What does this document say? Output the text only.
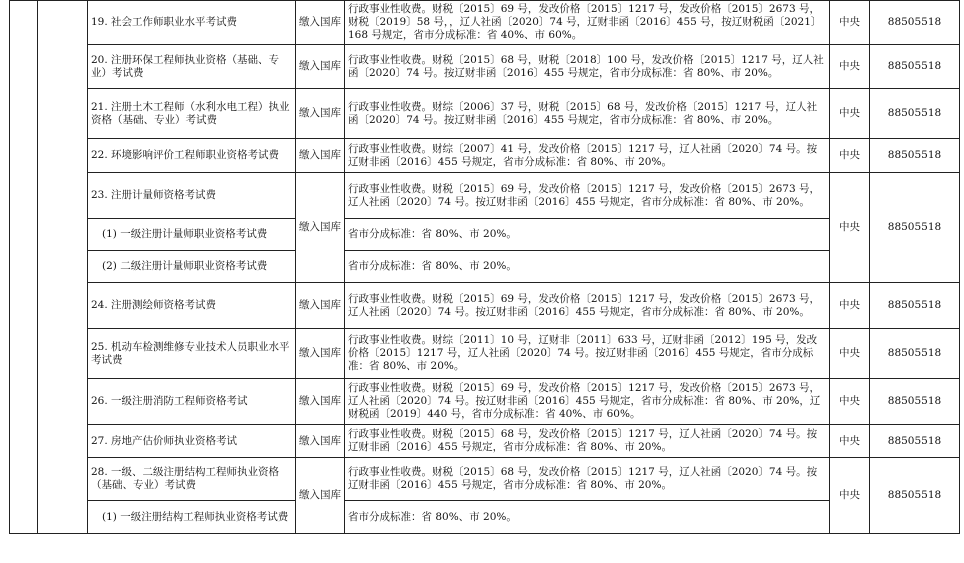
		19. 社会工作师职业水平考试费	缴入国库	行政事业性收费。财税〔2015〕69 号，发改价格〔2015〕1217 号，发改价格〔2015〕2673 号，财税〔2019〕58 号，，辽人社函〔2020〕74 号，辽财非函〔2016〕455 号，按辽财税函〔2021〕168 号规定，省市分成标准：省 40%、市 60%。	中央	88505518
		20. 注册环保工程师执业资格（基础、专业）考试费	缴入国库	行政事业性收费。财税〔2015〕68 号，财税〔2018〕100 号，发改价格〔2015〕1217 号，辽人社函〔2020〕74 号。按辽财非函〔2016〕455 号规定，省市分成标准：省 80%、市 20%。	中央	88505518
		21. 注册土木工程师（水利水电工程）执业资格（基础、专业）考试费	缴入国库	行政事业性收费。财综〔2006〕37 号，财税〔2015〕68 号，发改价格〔2015〕1217 号，辽人社函〔2020〕74 号。按辽财非函〔2016〕455 号规定，省市分成标准：省 80%、市 20%。	中央	88505518
		22. 环境影响评价工程师职业资格考试费	缴入国库	行政事业性收费。财综〔2007〕41 号，发改价格〔2015〕1217 号，辽人社函〔2020〕74 号。按辽财非函〔2016〕455 号规定，省市分成标准：省 80%、市 20%。	中央	88505518
		23. 注册计量师资格考试费	缴入国库	行政事业性收费。财税〔2015〕69 号，发改价格〔2015〕1217 号，发改价格〔2015〕2673 号，辽人社函〔2020〕74 号。按辽财非函〔2016〕455 号规定，省市分成标准：省 80%、市 20%。	中央	88505518
		(1) 一级注册计量师职业资格考试费		省市分成标准：省 80%、市 20%。		
		(2) 二级注册计量师职业资格考试费		省市分成标准：省 80%、市 20%。		
		24. 注册测绘师资格考试费	缴入国库	行政事业性收费。财税〔2015〕69 号，发改价格〔2015〕1217 号，发改价格〔2015〕2673 号，辽人社函〔2020〕74 号。按辽财非函〔2016〕455 号规定，省市分成标准：省 80%、市 20%。	中央	88505518
		25. 机动车检测维修专业技术人员职业水平考试费	缴入国库	行政事业性收费。财综〔2011〕10 号，辽财非〔2011〕633 号，辽财非函〔2012〕195 号，发改价格〔2015〕1217 号，辽人社函〔2020〕74 号。按辽财非函〔2016〕455 号规定，省市分成标准：省 80%、市 20%。	中央	88505518
		26. 一级注册消防工程师资格考试	缴入国库	行政事业性收费。财税〔2015〕69 号，发改价格〔2015〕1217 号，发改价格〔2015〕2673 号，辽人社函〔2020〕74 号。按辽财非函〔2016〕455 号规定，省市分成标准：省 80%、市 20%，辽财税函〔2019〕440 号，省市分成标准：省 40%、市 60%。	中央	88505518
		27. 房地产估价师执业资格考试	缴入国库	行政事业性收费。财税〔2015〕68 号，发改价格〔2015〕1217 号，辽人社函〔2020〕74 号。按辽财非函〔2016〕455 号规定，省市分成标准：省 80%、市 20%。	中央	88505518
		28. 一级、二级注册结构工程师执业资格（基础、专业）考试费	缴入国库	行政事业性收费。财税〔2015〕68 号，发改价格〔2015〕1217 号，辽人社函〔2020〕74 号。按辽财非函〔2016〕455 号规定，省市分成标准：省 80%、市 20%。	中央	88505518
		(1) 一级注册结构工程师执业资格考试费		省市分成标准：省 80%、市 20%。		
